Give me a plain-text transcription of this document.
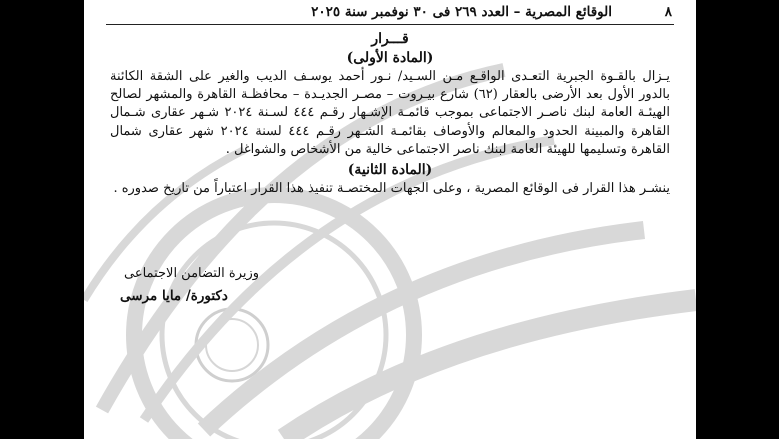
الوقائع المصرية – العدد ٢٦٩ فى ٣٠ نوفمبر سنة ٢٠٢٥	٨
قـــرار
(المادة الأولى)
يـزال بالقـوة الجبرية التعـدى الواقـع مـن السـيد/ نـور أحمد يوسـف الديب والغير على الشقة الكائنة بالدور الأول بعد الأرضى بالعقار (٦٢) شارع بيـروت – مصـر الجديـدة – محافظـة القاهرة والمشهر لصالح الهيئـة العامة لبنك ناصـر الاجتماعى بموجب قائمـة الإشـهار رقـم ٤٤٤ لسـنة ٢٠٢٤ شـهر عقارى شـمال القاهرة والمبينة الحدود والمعالم والأوصاف بقائمـة الشـهر رقـم ٤٤٤ لسنة ٢٠٢٤ شهر عقارى شمال القاهرة وتسليمها للهيئة العامة لبنك ناصر الاجتماعى خالية من الأشخاص والشواغل .
(المادة الثانية)
ينشـر هذا القرار فى الوقائع المصرية ، وعلى الجهات المختصـة تنفيذ هذا القرار اعتباراً من تاريخ صدوره .
وزيرة التضامن الاجتماعى
دكتورة/ مايا مرسى
